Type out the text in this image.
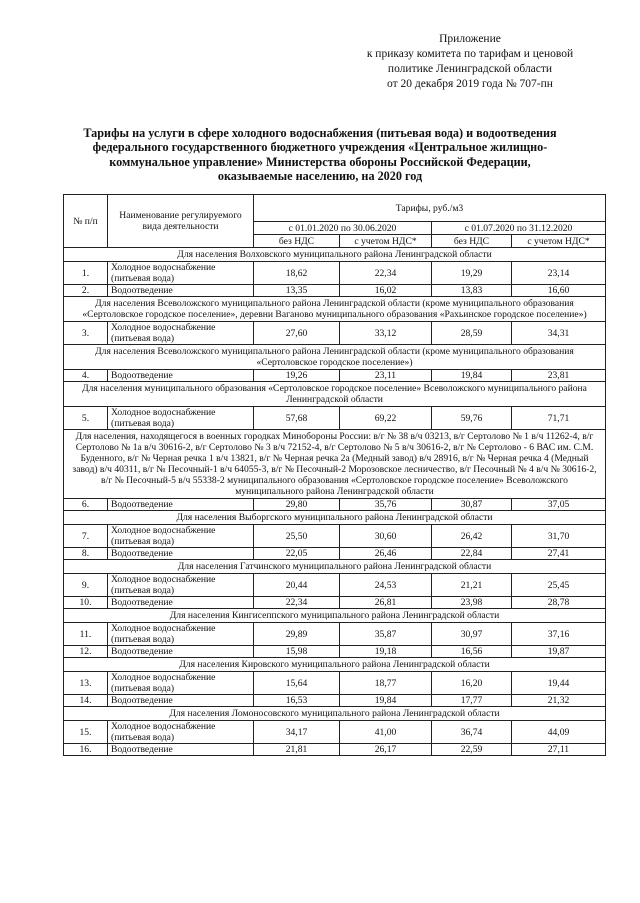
Приложение
к приказу комитета по тарифам и ценовой
политике Ленинградской области
от 20 декабря 2019 года № 707-пн
Тарифы на услуги в сфере холодного водоснабжения (питьевая вода) и водоотведения
федерального государственного бюджетного учреждения «Центральное жилищно-
коммунальное управление» Министерства обороны Российской Федерации,
оказываемые населению, на 2020 год
№ п/п	Наименование регулируемого вида деятельности	Тарифы, руб./м3			
		с 01.01.2020 по 30.06.2020		с 01.07.2020 по 31.12.2020	
		без НДС	с учетом НДС*	без НДС	с учетом НДС*
Для населения Волховского муниципального района Ленинградской области					
1.	Холодное водоснабжение (питьевая вода)	18,62	22,34	19,29	23,14
2.	Водоотведение	13,35	16,02	13,83	16,60
Для населения Всеволожского муниципального района Ленинградской области (кроме муниципального образования «Сертоловское городское поселение», деревни Ваганово муниципального образования «Рахьинское городское поселение»)					
3.	Холодное водоснабжение (питьевая вода)	27,60	33,12	28,59	34,31
Для населения Всеволожского муниципального района Ленинградской области (кроме муниципального образования «Сертоловское городское поселение»)					
4.	Водоотведение	19,26	23,11	19,84	23,81
Для населения муниципального образования «Сертоловское городское поселение» Всеволожского муниципального района Ленинградской области					
5.	Холодное водоснабжение (питьевая вода)	57,68	69,22	59,76	71,71
Для населения, находящегося в военных городках Минобороны России: в/г № 38 в/ч 03213, в/г Сертолово № 1 в/ч 11262-4, в/г Сертолово № 1а в/ч 30616-2, в/г Сертолово № 3 в/ч 72152-4, в/г Сертолово № 5 в/ч 30616-2, в/г № Сертолово - 6 ВАС им. С.М. Буденного, в/г № Черная речка 1 в/ч 13821, в/г № Черная речка 2а (Медный завод) в/ч 28916, в/г № Черная речка 4 (Медный завод) в/ч 40311, в/г № Песочный-1 в/ч 64055-3, в/г № Песочный-2 Морозовское лесничество, в/г Песочный № 4 в/ч № 30616-2, в/г № Песочный-5 в/ч 55338-2 муниципального образования «Сертоловское городское поселение» Всеволожского муниципального района Ленинградской области					
6.	Водоотведение	29,80	35,76	30,87	37,05
Для населения Выборгского муниципального района Ленинградской области					
7.	Холодное водоснабжение (питьевая вода)	25,50	30,60	26,42	31,70
8.	Водоотведение	22,05	26,46	22,84	27,41
Для населения Гатчинского муниципального района Ленинградской области					
9.	Холодное водоснабжение (питьевая вода)	20,44	24,53	21,21	25,45
10.	Водоотведение	22,34	26,81	23,98	28,78
Для населения Кингисеппского муниципального района Ленинградской области					
11.	Холодное водоснабжение (питьевая вода)	29,89	35,87	30,97	37,16
12.	Водоотведение	15,98	19,18	16,56	19,87
Для населения Кировского муниципального района Ленинградской области					
13.	Холодное водоснабжение (питьевая вода)	15,64	18,77	16,20	19,44
14.	Водоотведение	16,53	19,84	17,77	21,32
Для населения Ломоносовского муниципального района Ленинградской области					
15.	Холодное водоснабжение (питьевая вода)	34,17	41,00	36,74	44,09
16.	Водоотведение	21,81	26,17	22,59	27,11
